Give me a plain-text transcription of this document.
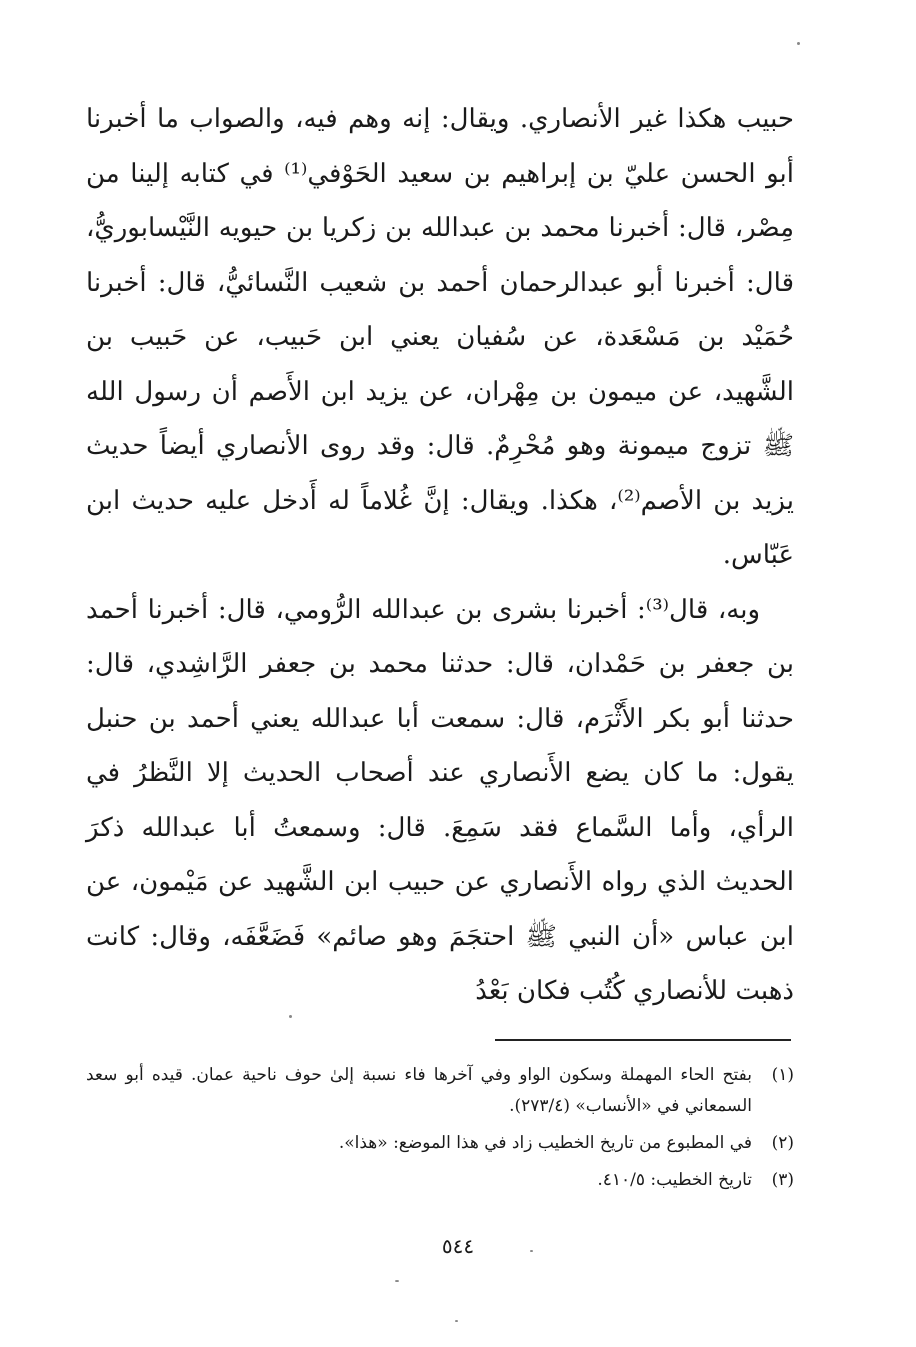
حبيب هكذا غير الأنصاري. ويقال: إنه وهم فيه، والصواب ما أخبرنا أبو الحسن عليّ بن إبراهيم بن سعيد الحَوْفي⁽¹⁾ في كتابه إلينا من مِصْر، قال: أخبرنا محمد بن عبدالله بن زكريا بن حيويه النَّيْسابوريُّ، قال: أخبرنا أبو عبدالرحمان أحمد بن شعيب النَّسائيُّ، قال: أخبرنا حُمَيْد بن مَسْعَدة، عن سُفيان يعني ابن حَبيب، عن حَبيب بن الشَّهيد، عن ميمون بن مِهْران، عن يزيد ابن الأَصم أن رسول الله ﷺ تزوج ميمونة وهو مُحْرِمٌ. قال: وقد روى الأنصاري أيضاً حديث يزيد بن الأصم⁽²⁾، هكذا. ويقال: إنَّ غُلاماً له أَدخل عليه حديث ابن عَبّاس.

وبه، قال⁽³⁾: أخبرنا بشرى بن عبدالله الرُّومي، قال: أخبرنا أحمد بن جعفر بن حَمْدان، قال: حدثنا محمد بن جعفر الرَّاشِدي، قال: حدثنا أبو بكر الأَثْرَم، قال: سمعت أبا عبدالله يعني أحمد بن حنبل يقول: ما كان يضع الأَنصاري عند أصحاب الحديث إلا النَّظرُ في الرأي، وأما السَّماع فقد سَمِعَ. قال: وسمعتُ أبا عبدالله ذكرَ الحديث الذي رواه الأَنصاري عن حبيب ابن الشَّهيد عن مَيْمون، عن ابن عباس «أن النبي ﷺ احتجَمَ وهو صائم» فَضَعَّفَه، وقال: كانت ذهبت للأنصاري كُتُب فكان بَعْدُ

(١)
بفتح الحاء المهملة وسكون الواو وفي آخرها فاء نسبة إلىٰ حوف ناحية عمان. قيده أبو سعد السمعاني في «الأنساب» (٢٧٣/٤).
(٢)
في المطبوع من تاريخ الخطيب زاد في هذا الموضع: «هذا».
(٣)
تاريخ الخطيب: ٤١٠/٥.
٥٤٤
